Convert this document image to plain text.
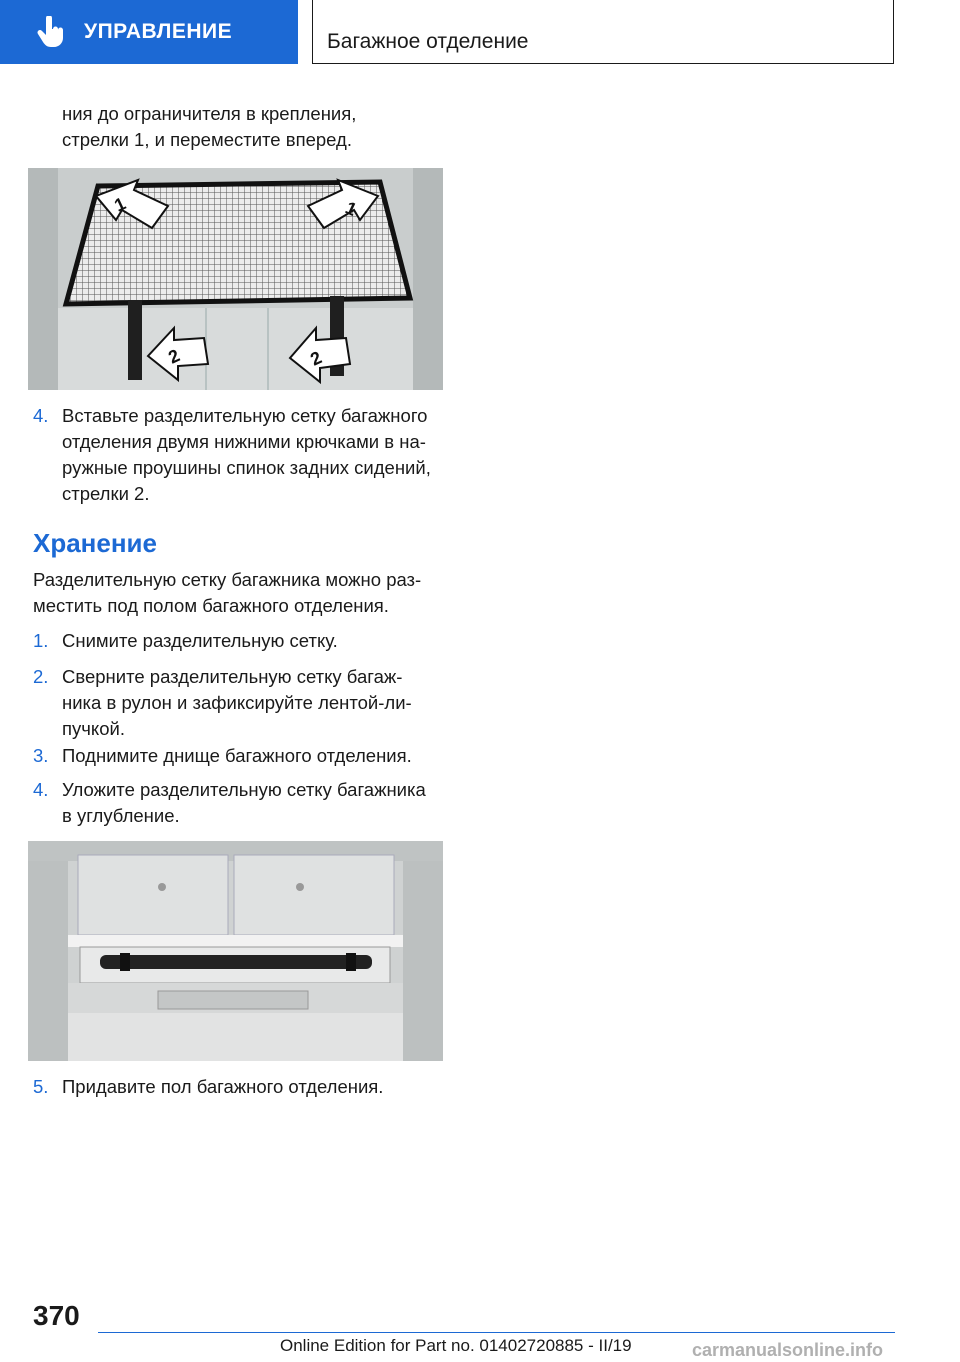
УПРАВЛЕНИЕ	Багажное отделение
ния до ограничителя в крепления,
стрелки 1, и переместите вперед.
1	1
2	2
4. Вставьте разделительную сетку багажного
отделения двумя нижними крючками в на-
ружные проушины спинок задних сидений,
стрелки 2.
Хранение
Разделительную сетку багажника можно раз-
местить под полом багажного отделения.
1. Снимите разделительную сетку.
2. Сверните разделительную сетку багаж-
ника в рулон и зафиксируйте лентой-ли-
пучкой.
3. Поднимите днище багажного отделения.
4. Уложите разделительную сетку багажника
в углубление.
5. Придавите пол багажного отделения.
370
Online Edition for Part no. 01402720885 - II/19	carmanualsonline.info
